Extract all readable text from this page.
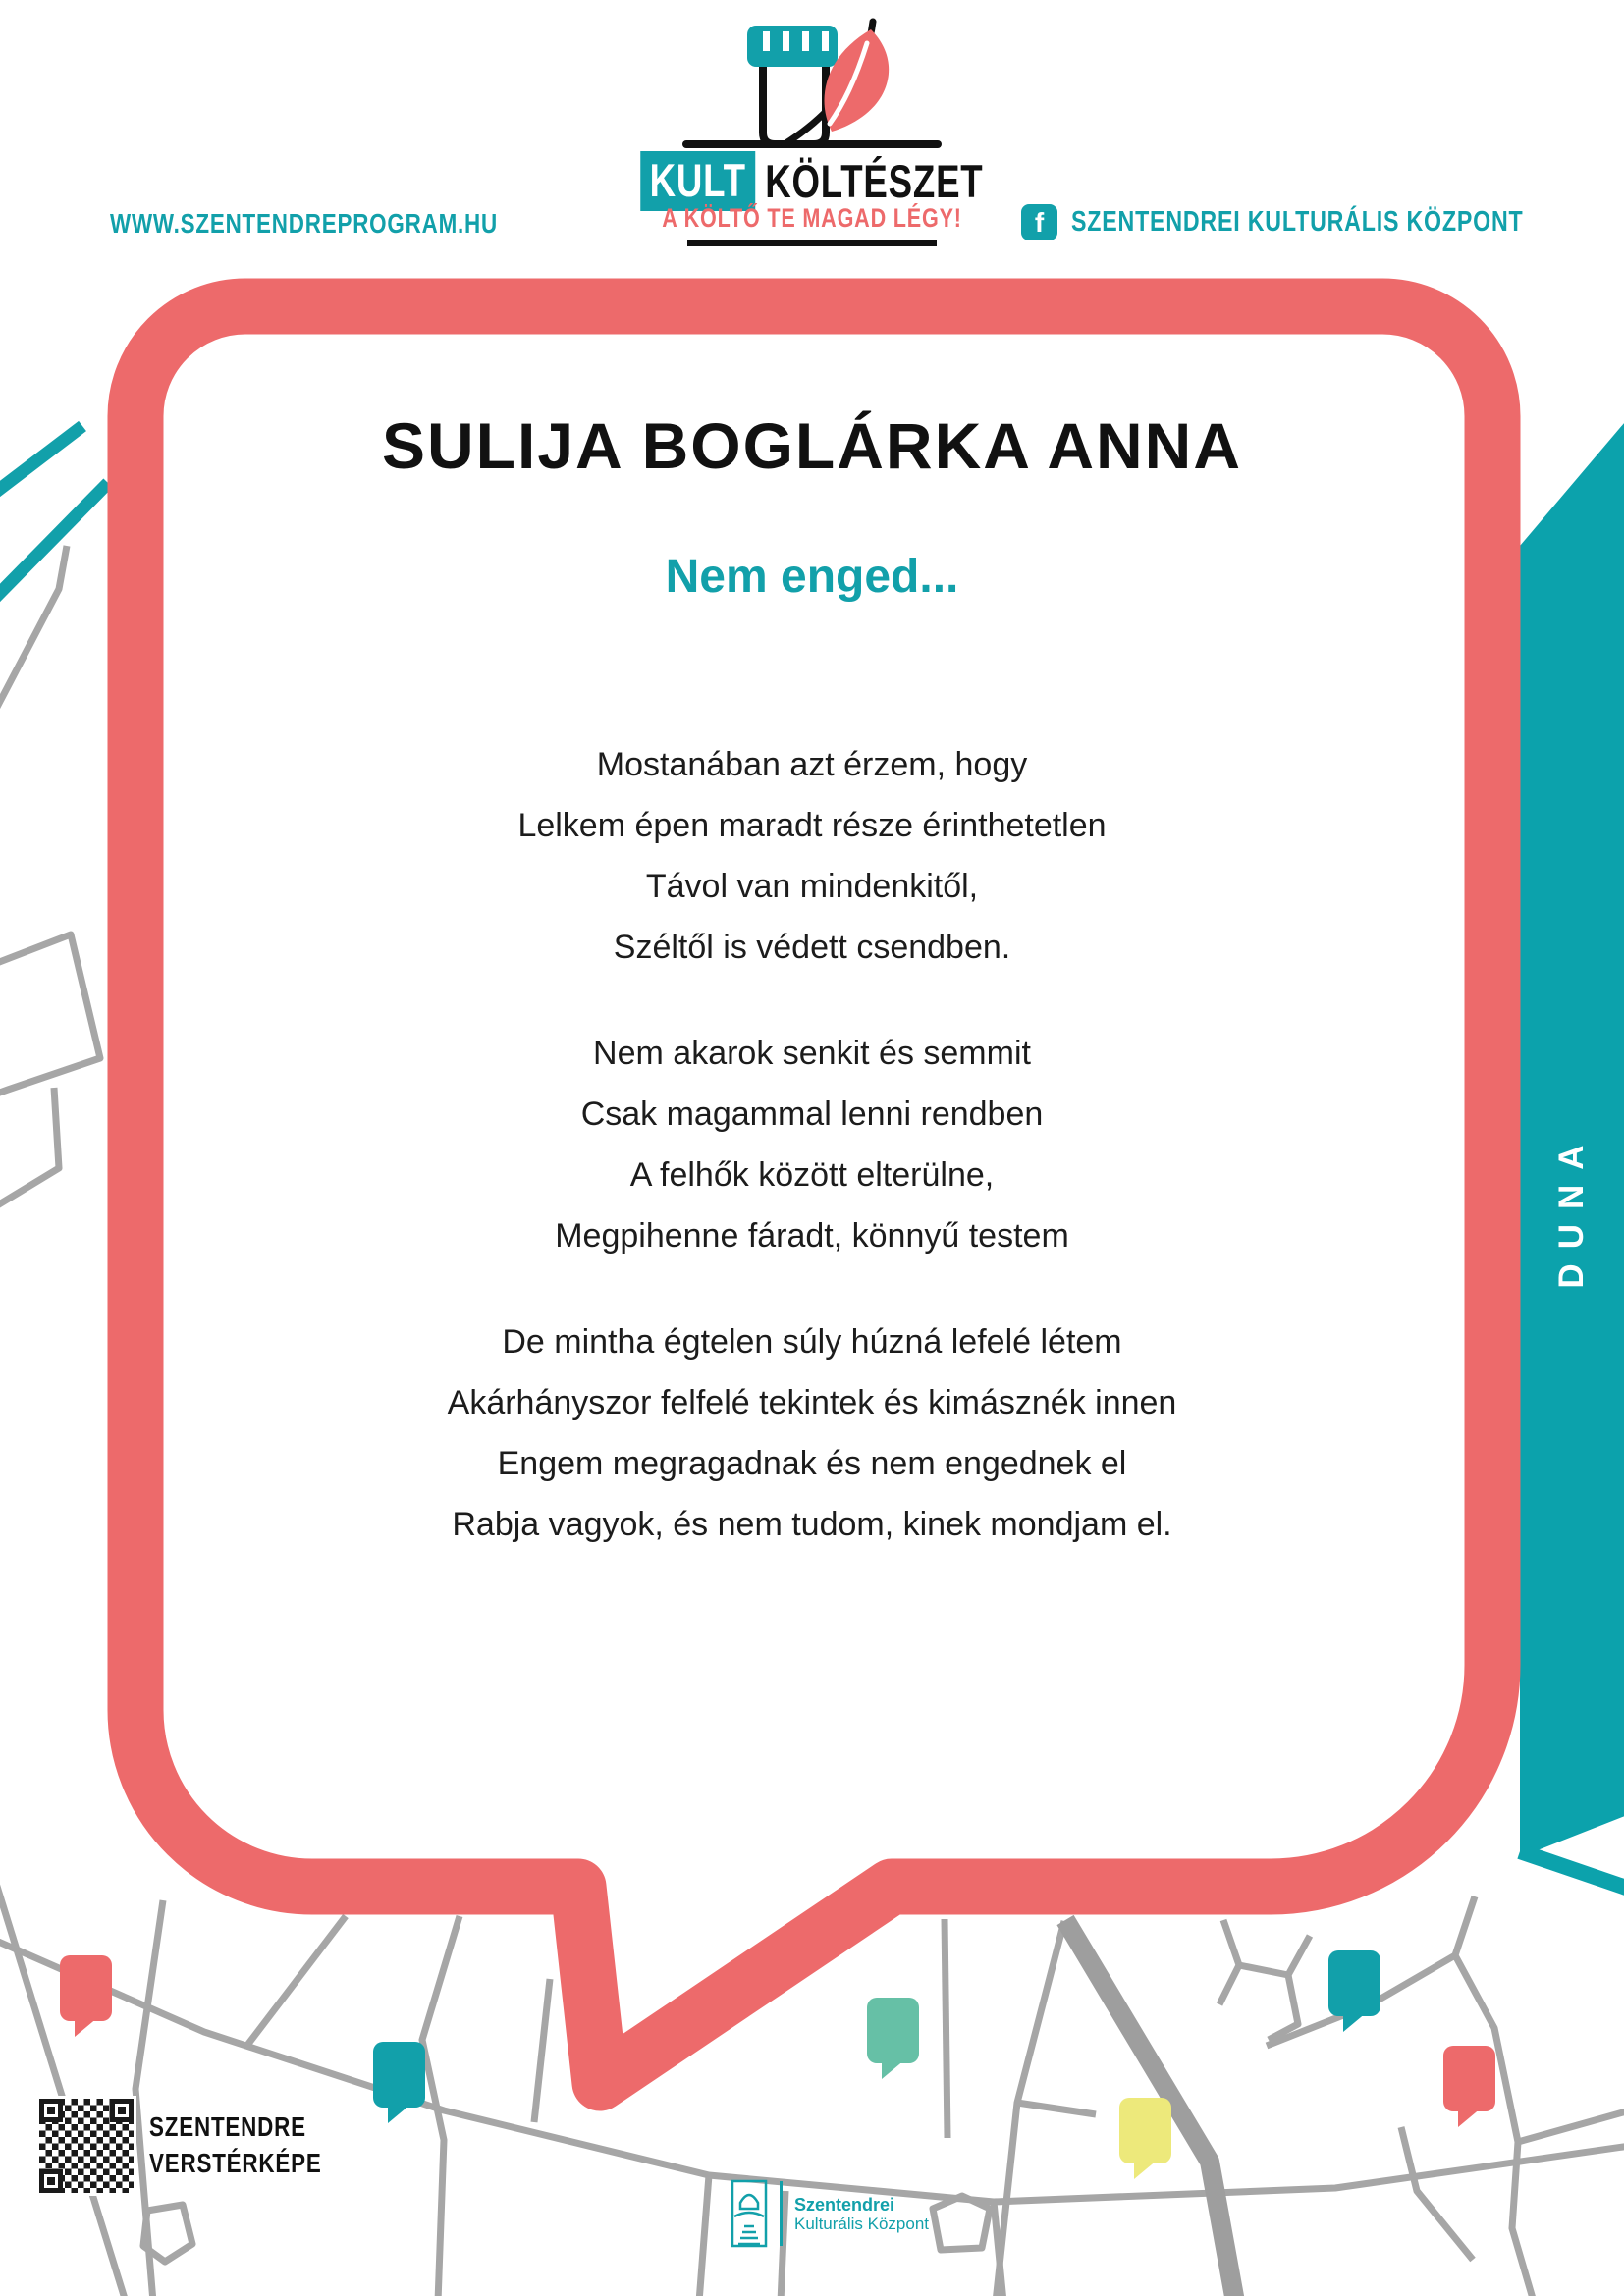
WWW.SZENTENDREPROGRAM.HU	f SZENTENDREI KULTURÁLIS KÖZPONT
KULT KÖLTÉSZET
A KÖLTŐ TE MAGAD LÉGY!
SULIJA BOGLÁRKA ANNA
Nem enged...
Mostanában azt érzem, hogy
Lelkem épen maradt része érinthetetlen
Távol van mindenkitől,
Széltől is védett csendben.
Nem akarok senkit és semmit
Csak magammal lenni rendben
A felhők között elterülne,
Megpihenne fáradt, könnyű testem
De mintha égtelen súly húzná lefelé létem
Akárhányszor felfelé tekintek és kimásznék innen
Engem megragadnak és nem engednek el
Rabja vagyok, és nem tudom, kinek mondjam el.
DUNA
SZENTENDRE
VERSTÉRKÉPE
Szentendrei
Kulturális Központ
